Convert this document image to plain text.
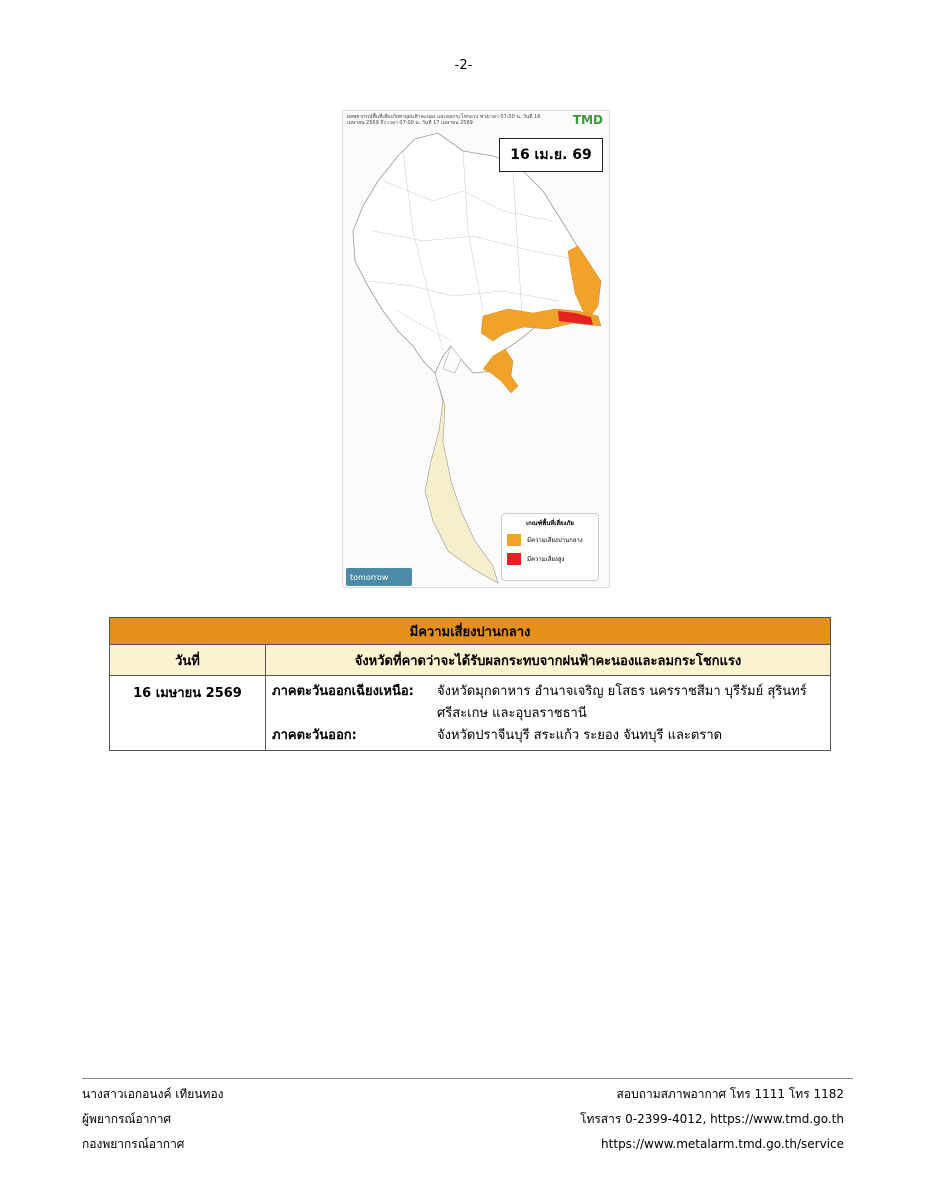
-2-
ผลพยากรณ์พื้นที่เสี่ยงภัยพายุฝนฟ้าคะนอง และลมกระโชกแรง ช่วงเวลา 07:00 น. วันที่ 16 เมษายน 2569 ถึง เวลา 07:00 น. วันที่ 17 เมษายน 2569	TMD
16 เม.ย. 69
เกณฑ์พื้นที่เสี่ยงภัย
มีความเสี่ยงปานกลาง
มีความเสี่ยงสูง
tomorrow
มีความเสี่ยงปานกลาง	
วันที่	จังหวัดที่คาดว่าจะได้รับผลกระทบจากฝนฟ้าคะนองและลมกระโชกแรง
16 เมษายน 2569	ภาคตะวันออกเฉียงเหนือ: จังหวัดมุกดาหาร อำนาจเจริญ ยโสธร นครราชสีมา บุรีรัมย์ สุรินทร์ ศรีสะเกษ และอุบลราชธานี
ภาคตะวันออก: จังหวัดปราจีนบุรี สระแก้ว ระยอง จันทบุรี และตราด
นางสาวเอกอนงค์ เทียนทอง
ผู้พยากรณ์อากาศ
กองพยากรณ์อากาศ
สอบถามสภาพอากาศ โทร 1111 โทร 1182
โทรสาร 0-2399-4012, https://www.tmd.go.th
https://www.metalarm.tmd.go.th/service
